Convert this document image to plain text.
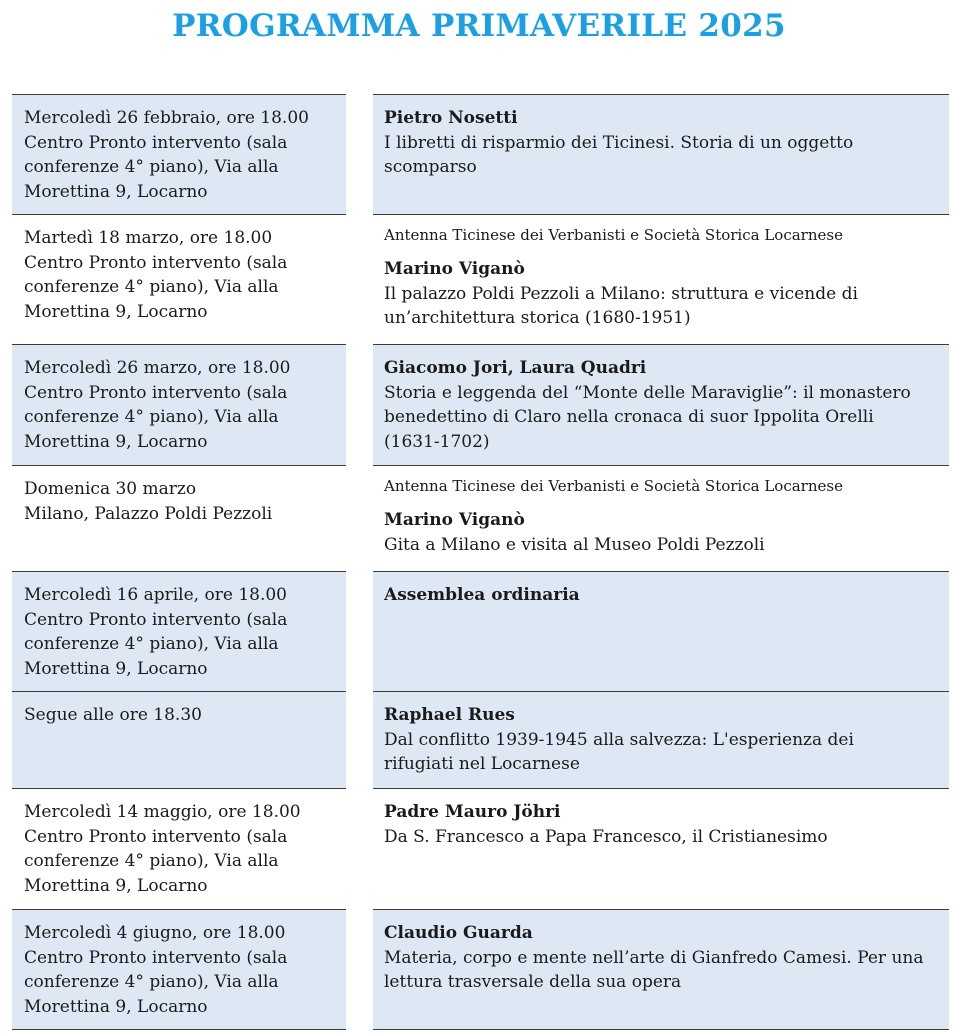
PROGRAMMA PRIMAVERILE 2025
Mercoledì 26 febbraio, ore 18.00
Centro Pronto intervento (sala
conferenze 4° piano), Via alla
Morettina 9, Locarno
Pietro Nosetti
I libretti di risparmio dei Ticinesi. Storia di un oggetto
scomparso
Martedì 18 marzo, ore 18.00
Centro Pronto intervento (sala
conferenze 4° piano), Via alla
Morettina 9, Locarno
Antenna Ticinese dei Verbanisti e Società Storica Locarnese
Marino Viganò
Il palazzo Poldi Pezzoli a Milano: struttura e vicende di
un’architettura storica (1680-1951)
Mercoledì 26 marzo, ore 18.00
Centro Pronto intervento (sala
conferenze 4° piano), Via alla
Morettina 9, Locarno
Giacomo Jori, Laura Quadri
Storia e leggenda del “Monte delle Maraviglie”: il monastero
benedettino di Claro nella cronaca di suor Ippolita Orelli
(1631-1702)
Domenica 30 marzo
Milano, Palazzo Poldi Pezzoli
Antenna Ticinese dei Verbanisti e Società Storica Locarnese
Marino Viganò
Gita a Milano e visita al Museo Poldi Pezzoli
Mercoledì 16 aprile, ore 18.00
Centro Pronto intervento (sala
conferenze 4° piano), Via alla
Morettina 9, Locarno
Assemblea ordinaria
Segue alle ore 18.30	Raphael Rues
Dal conflitto 1939-1945 alla salvezza: L'esperienza dei
rifugiati nel Locarnese
Mercoledì 14 maggio, ore 18.00
Centro Pronto intervento (sala
conferenze 4° piano), Via alla
Morettina 9, Locarno
Padre Mauro Jöhri
Da S. Francesco a Papa Francesco, il Cristianesimo
Mercoledì 4 giugno, ore 18.00
Centro Pronto intervento (sala
conferenze 4° piano), Via alla
Morettina 9, Locarno
Claudio Guarda
Materia, corpo e mente nell’arte di Gianfredo Camesi. Per una
lettura trasversale della sua opera
